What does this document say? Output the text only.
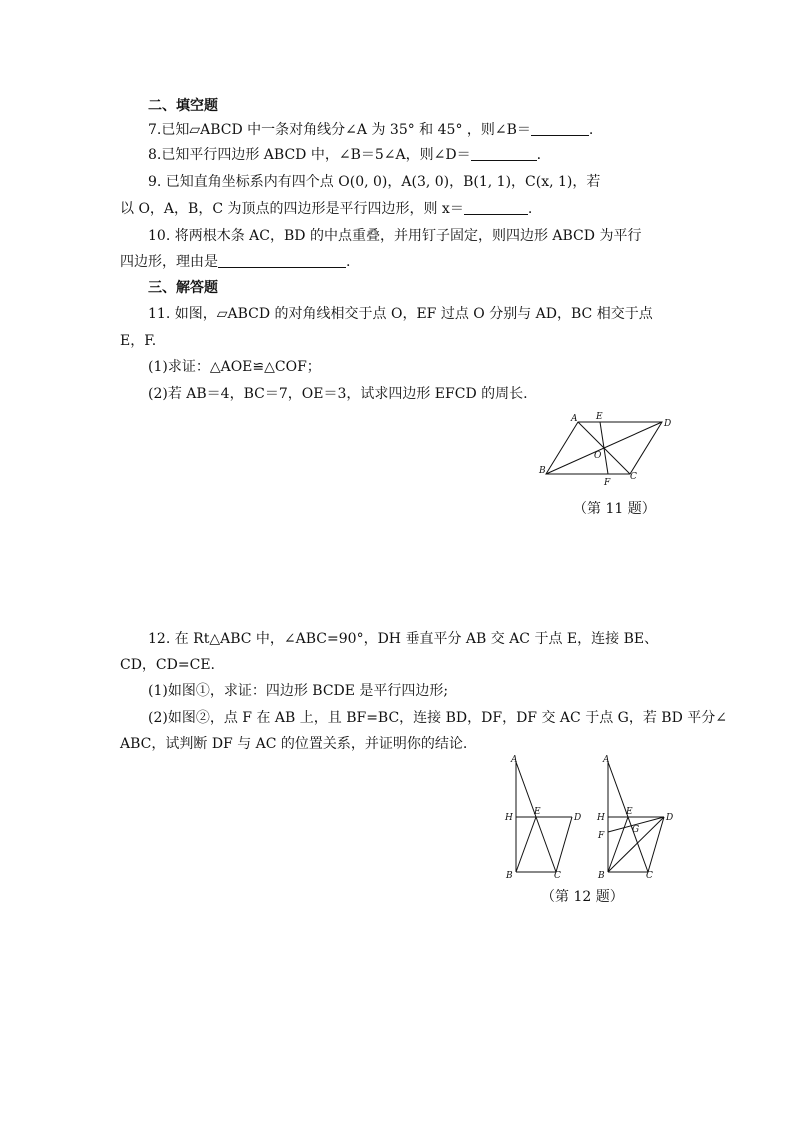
二、填空题
7.已知▱ABCD 中一条对角线分∠A 为 35° 和 45° ，则∠B＝	.
8.已知平行四边形 ABCD 中，∠B＝5∠A，则∠D＝	.
9. 已知直角坐标系内有四个点 O(0, 0)，A(3, 0)，B(1, 1)，C(x, 1)，若
以 O，A，B，C 为顶点的四边形是平行四边形，则 x＝	.
10. 将两根木条 AC，BD 的中点重叠，并用钉子固定，则四边形 ABCD 为平行
四边形，理由是	.
三、解答题
11. 如图，▱ABCD 的对角线相交于点 O，EF 过点 O 分别与 AD，BC 相交于点
E，F.
(1)求证：△AOE≌△COF；
(2)若 AB＝4，BC＝7，OE＝3，试求四边形 EFCD 的周长.
A E
D
O
B
F
C
（第 11 题）
12. 在 Rt△ABC 中，∠ABC=90°，DH 垂直平分 AB 交 AC 于点 E，连接 BE、
CD，CD=CE.
(1)如图①，求证：四边形 BCDE 是平行四边形;
(2)如图②，点 F 在 AB 上，且 BF=BC，连接 BD，DF，DF 交 AC 于点 G，若 BD 平分∠
ABC，试判断 DF 与 AC 的位置关系，并证明你的结论.
A
H
E
D
B	C
A
H
E
D
F
G
B	C
（第 12 题）
